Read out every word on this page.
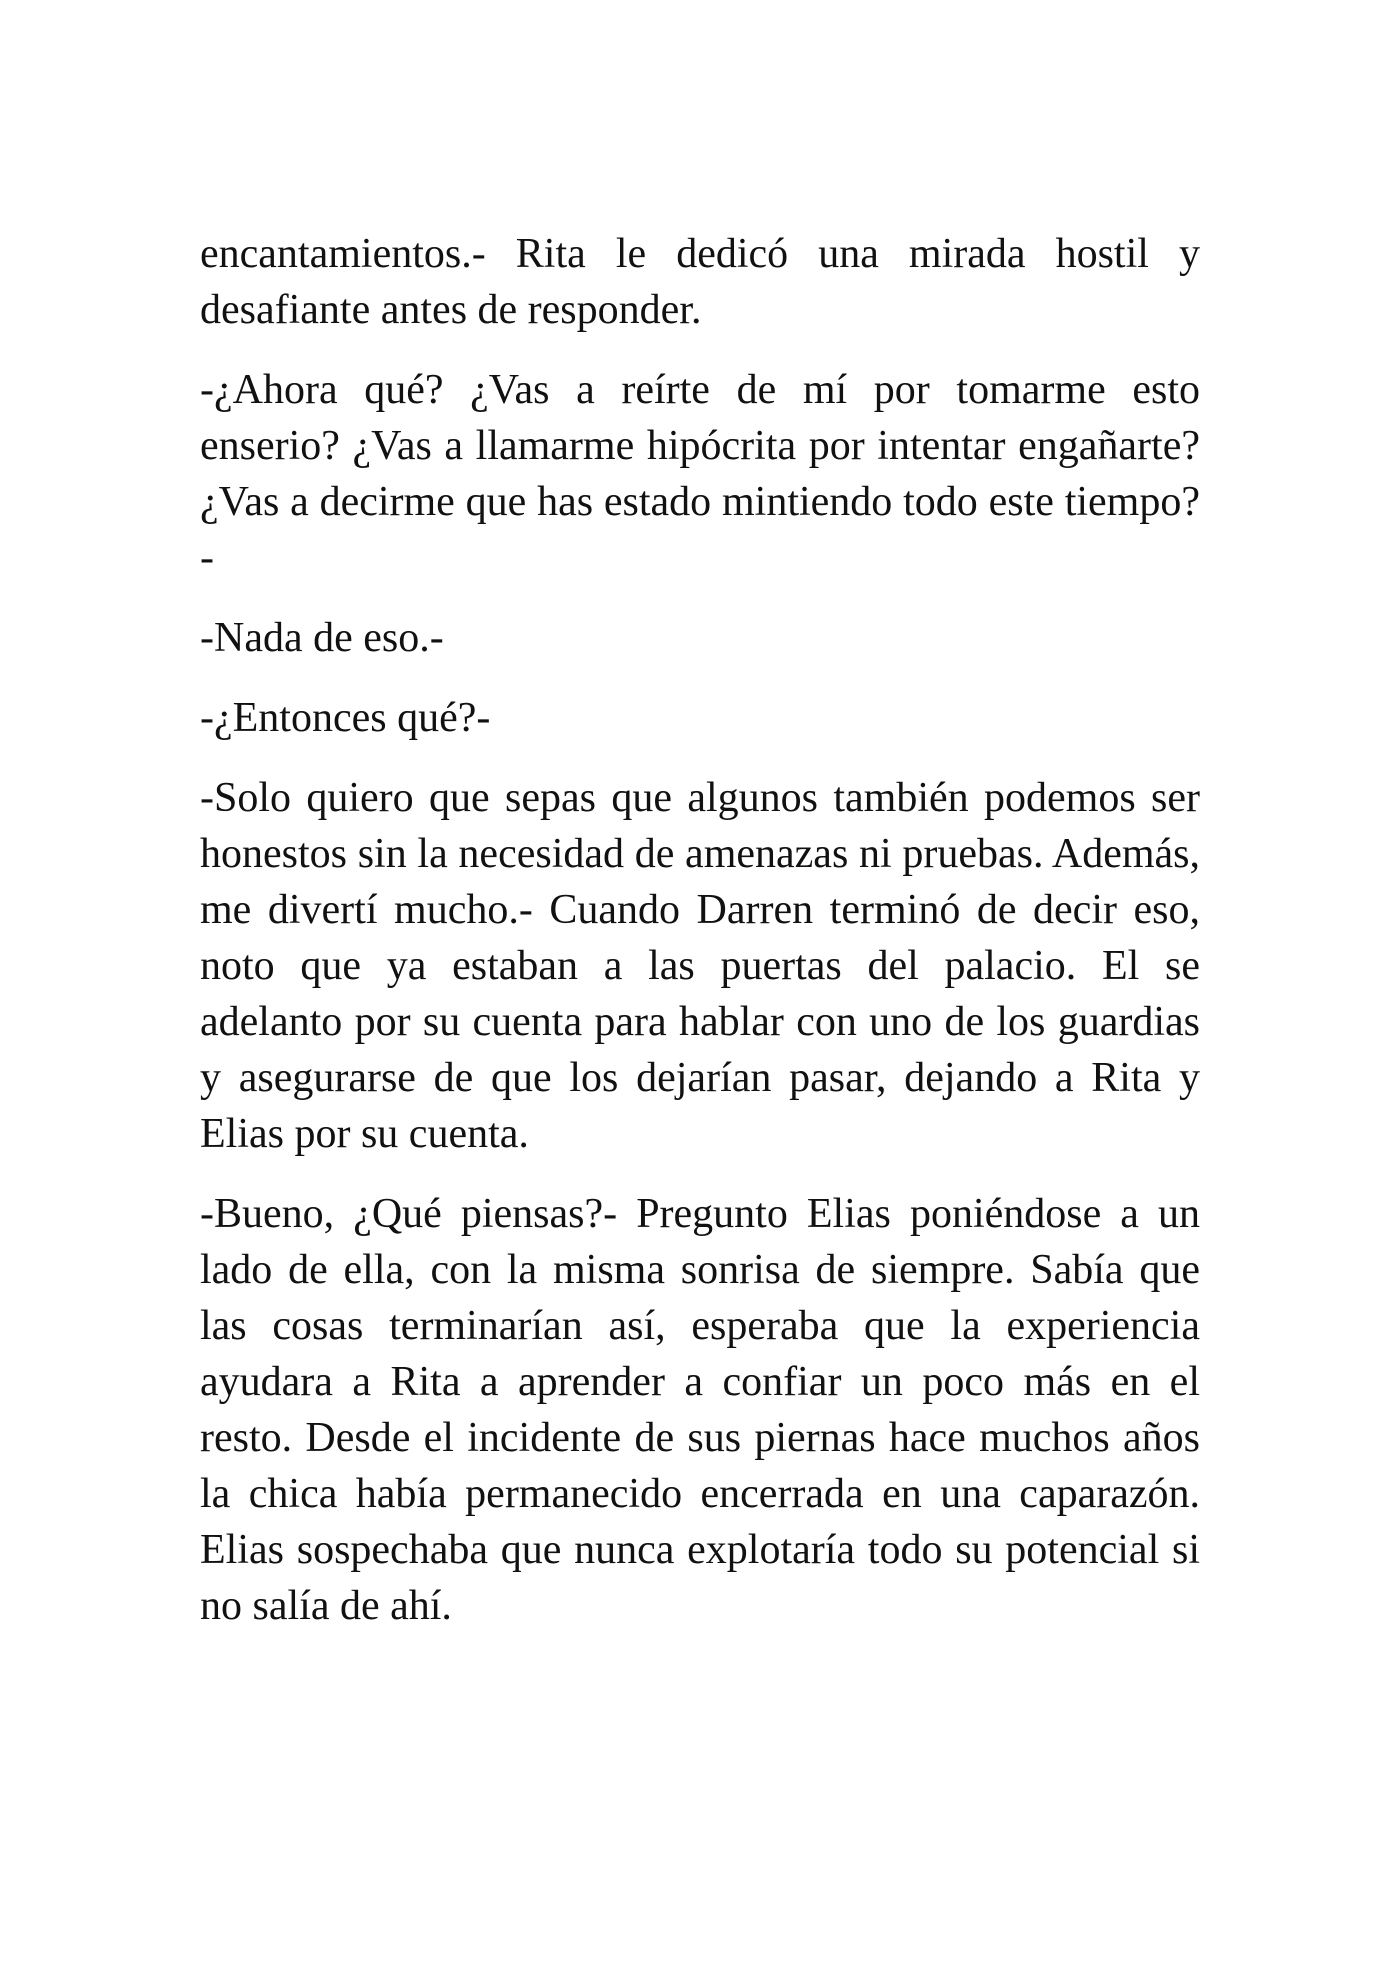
encantamientos.- Rita le dedicó una mirada hostil y desafiante antes de responder.

-¿Ahora qué? ¿Vas a reírte de mí por tomarme esto enserio? ¿Vas a llamarme hipócrita por intentar engañarte? ¿Vas a decirme que has estado mintiendo todo este tiempo?-

-Nada de eso.-

-¿Entonces qué?-

-Solo quiero que sepas que algunos también podemos ser honestos sin la necesidad de amenazas ni pruebas. Además, me divertí mucho.- Cuando Darren terminó de decir eso, noto que ya estaban a las puertas del palacio. El se adelanto por su cuenta para hablar con uno de los guardias y asegurarse de que los dejarían pasar, dejando a Rita y Elias por su cuenta.

-Bueno, ¿Qué piensas?- Pregunto Elias poniéndose a un lado de ella, con la misma sonrisa de siempre. Sabía que las cosas terminarían así, esperaba que la experiencia ayudara a Rita a aprender a confiar un poco más en el resto. Desde el incidente de sus piernas hace muchos años la chica había permanecido encerrada en una caparazón. Elias sospechaba que nunca explotaría todo su potencial si no salía de ahí.
